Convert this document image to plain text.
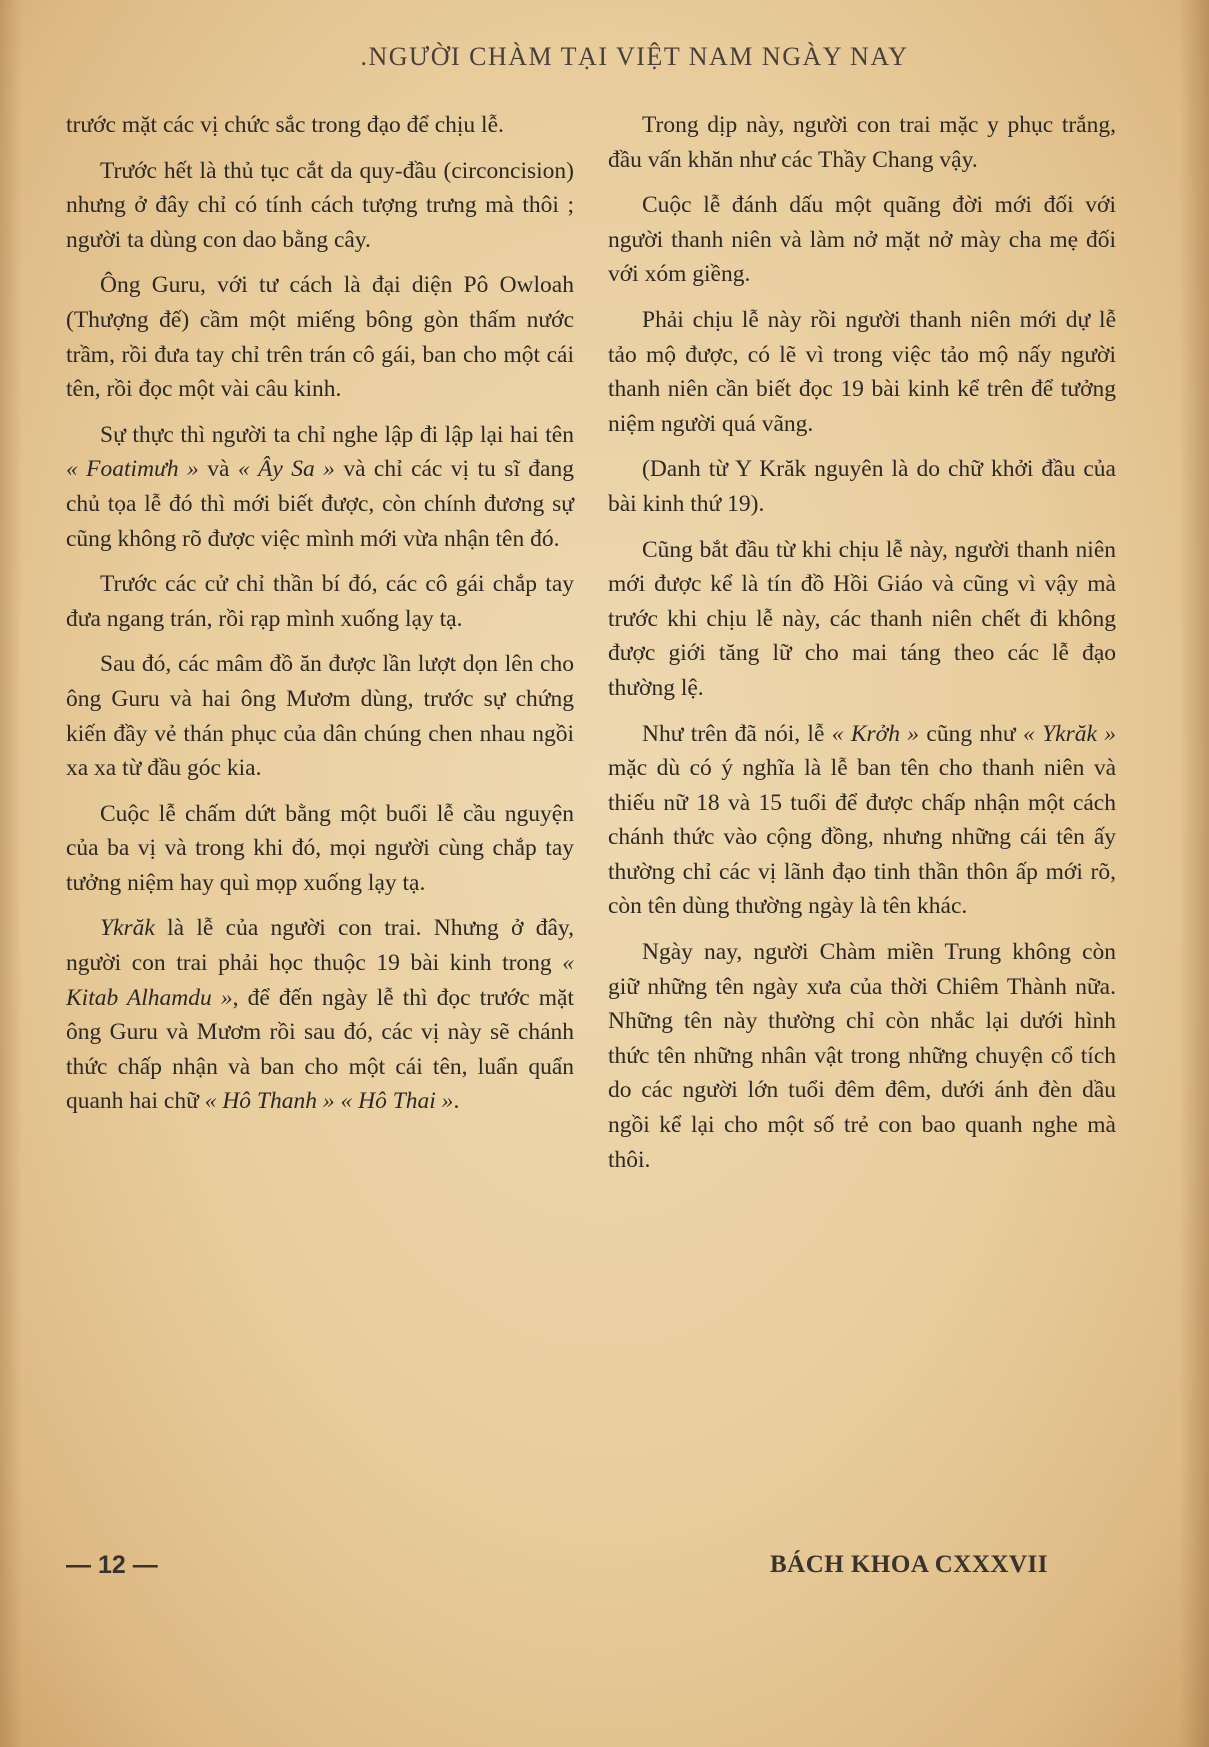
.NGƯỜI CHÀM TẠI VIỆT NAM NGÀY NAY

trước mặt các vị chức sắc trong đạo để chịu lễ.

Trước hết là thủ tục cắt da quy-đầu (circoncision) nhưng ở đây chỉ có tính cách tượng trưng mà thôi ; người ta dùng con dao bằng cây.

Ông Guru, với tư cách là đại diện Pô Owloah (Thượng đế) cầm một miếng bông gòn thấm nước trầm, rồi đưa tay chỉ trên trán cô gái, ban cho một cái tên, rồi đọc một vài câu kinh.

Sự thực thì người ta chỉ nghe lập đi lập lại hai tên « Foatimưh » và « Ây Sa » và chỉ các vị tu sĩ đang chủ tọa lễ đó thì mới biết được, còn chính đương sự cũng không rõ được việc mình mới vừa nhận tên đó.

Trước các cử chỉ thần bí đó, các cô gái chắp tay đưa ngang trán, rồi rạp mình xuống lạy tạ.

Sau đó, các mâm đồ ăn được lần lượt dọn lên cho ông Guru và hai ông Mươm dùng, trước sự chứng kiến đầy vẻ thán phục của dân chúng chen nhau ngồi xa xa từ đầu góc kia.

Cuộc lễ chấm dứt bằng một buổi lễ cầu nguyện của ba vị và trong khi đó, mọi người cùng chắp tay tưởng niệm hay quì mọp xuống lạy tạ.

Ykrăk là lễ của người con trai. Nhưng ở đây, người con trai phải học thuộc 19 bài kinh trong « Kitab Alhamdu », để đến ngày lễ thì đọc trước mặt ông Guru và Mươm rồi sau đó, các vị này sẽ chánh thức chấp nhận và ban cho một cái tên, luẩn quẩn quanh hai chữ « Hô Thanh » « Hô Thai ».

Trong dịp này, người con trai mặc y phục trắng, đầu vấn khăn như các Thầy Chang vậy.

Cuộc lễ đánh dấu một quãng đời mới đối với người thanh niên và làm nở mặt nở mày cha mẹ đối với xóm giềng.

Phải chịu lễ này rồi người thanh niên mới dự lễ tảo mộ được, có lẽ vì trong việc tảo mộ nấy người thanh niên cần biết đọc 19 bài kinh kể trên để tưởng niệm người quá vãng.

(Danh từ Y Krăk nguyên là do chữ khởi đầu của bài kinh thứ 19).

Cũng bắt đầu từ khi chịu lễ này, người thanh niên mới được kể là tín đồ Hồi Giáo và cũng vì vậy mà trước khi chịu lễ này, các thanh niên chết đi không được giới tăng lữ cho mai táng theo các lễ đạo thường lệ.

Như trên đã nói, lễ « Krởh » cũng như « Ykrăk » mặc dù có ý nghĩa là lễ ban tên cho thanh niên và thiếu nữ 18 và 15 tuổi để được chấp nhận một cách chánh thức vào cộng đồng, nhưng những cái tên ấy thường chỉ các vị lãnh đạo tinh thần thôn ấp mới rõ, còn tên dùng thường ngày là tên khác.

Ngày nay, người Chàm miền Trung không còn giữ những tên ngày xưa của thời Chiêm Thành nữa. Những tên này thường chỉ còn nhắc lại dưới hình thức tên những nhân vật trong những chuyện cổ tích do các người lớn tuổi đêm đêm, dưới ánh đèn dầu ngồi kể lại cho một số trẻ con bao quanh nghe mà thôi.

— 12 —	BÁCH KHOA CXXXVII
